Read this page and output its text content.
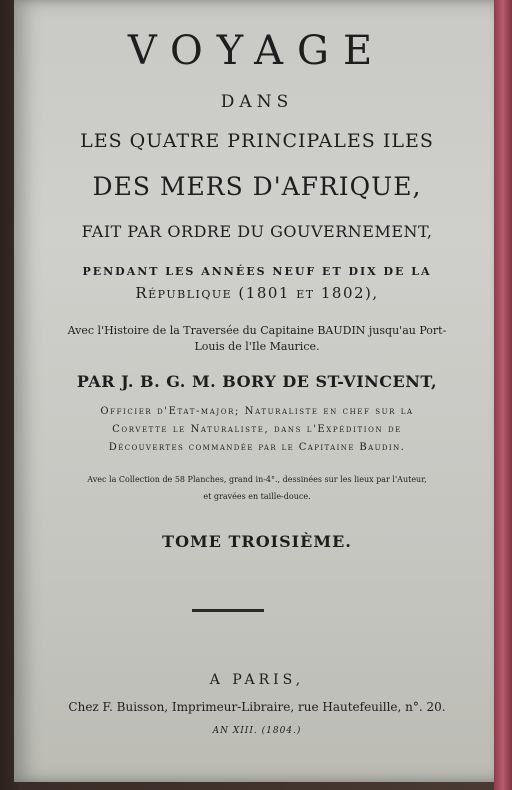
VOYAGE
DANS
LES QUATRE PRINCIPALES ILES
DES MERS D'AFRIQUE,
FAIT PAR ORDRE DU GOUVERNEMENT,
PENDANT LES ANNÉES NEUF ET DIX DE LA
République (1801 et 1802),
Avec l'Histoire de la Traversée du Capitaine BAUDIN jusqu'au Port-
Louis de l'Ile Maurice.
PAR J. B. G. M. BORY DE ST-VINCENT,
Officier d'Etat-major; Naturaliste en chef sur la
Corvette le Naturaliste, dans l'Expédition de
Découvertes commandée par le Capitaine Baudin.
Avec la Collection de 58 Planches, grand in-4°., dessinées sur les lieux par l'Auteur,
et gravées en taille-douce.
TOME TROISIÈME.
A PARIS,
Chez F. Buisson, Imprimeur-Libraire, rue Hautefeuille, n°. 20.
AN XIII. (1804.)
